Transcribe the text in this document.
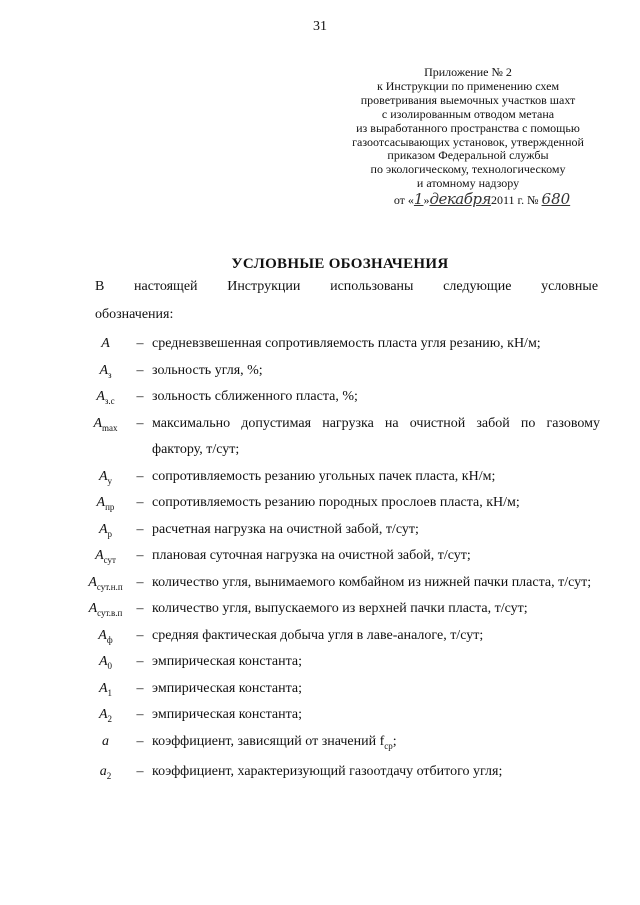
31
Приложение № 2
к Инструкции по применению схем
проветривания выемочных участков шахт
с изолированным отводом метана
из выработанного пространства с помощью
газоотсасывающих установок, утвержденной
приказом Федеральной службы
по экологическому, технологическому
и атомному надзору
от «1»декабря2011 г. № 680
УСЛОВНЫЕ ОБОЗНАЧЕНИЯ
В настоящей Инструкции использованы следующие условные
обозначения:
A	– средневзвешенная сопротивляемость пласта угля резанию, кН/м;
$A_з$	– зольность угля, %;
$A_{з.с}$	– зольность сближенного пласта, %;
$A_{max}$	– максимально допустимая нагрузка на очистной забой по газовому фактору, т/сут;
$A_у$	– сопротивляемость резанию угольных пачек пласта, кН/м;
$A_{пр}$	– сопротивляемость резанию породных прослоев пласта, кН/м;
$A_р$	– расчетная нагрузка на очистной забой, т/сут;
$A_{сут}$	– плановая суточная нагрузка на очистной забой, т/сут;
$A_{сут.н.п}$ – количество угля, вынимаемого комбайном из нижней пачки пласта, т/сут;
$A_{сут.в.п}$	– количество угля, выпускаемого из верхней пачки пласта, т/сут;
$A_ф$	– средняя фактическая добыча угля в лаве-аналоге, т/сут;
$A_0$	– эмпирическая константа;
$A_1$	– эмпирическая константа;
$A_2$	– эмпирическая константа;
a	– коэффициент, зависящий от значений $f_{ср}$;
$a_2$	– коэффициент, характеризующий газоотдачу отбитого угля;
